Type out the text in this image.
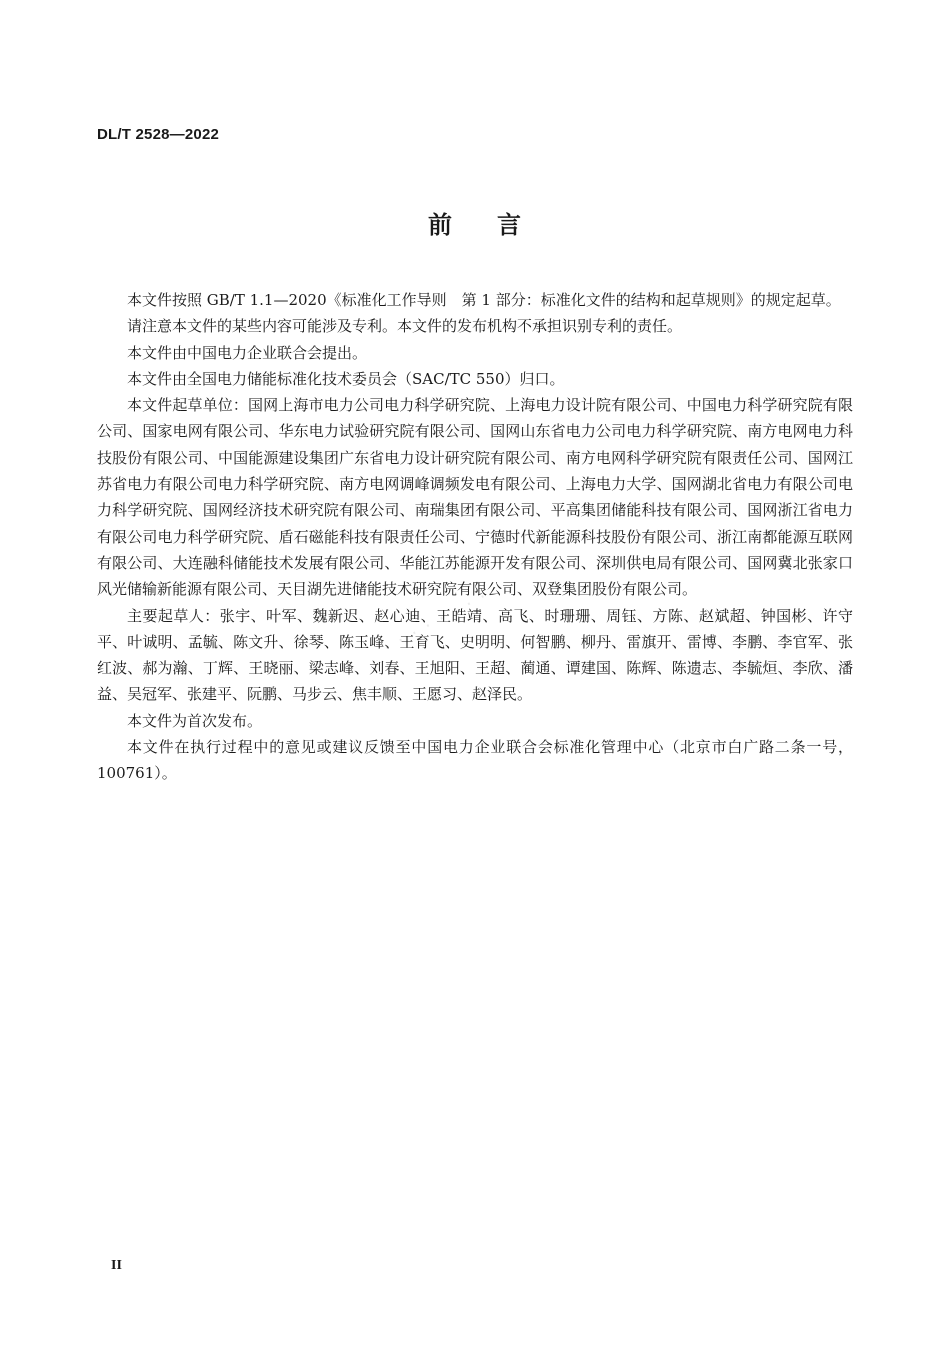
DL/T 2528—2022
前 言

本文件按照 GB/T 1.1—2020《标准化工作导则　第 1 部分：标准化文件的结构和起草规则》的规定起草。

请注意本文件的某些内容可能涉及专利。本文件的发布机构不承担识别专利的责任。

本文件由中国电力企业联合会提出。

本文件由全国电力储能标准化技术委员会（SAC/TC 550）归口。

本文件起草单位：国网上海市电力公司电力科学研究院、上海电力设计院有限公司、中国电力科学研究院有限公司、国家电网有限公司、华东电力试验研究院有限公司、国网山东省电力公司电力科学研究院、南方电网电力科技股份有限公司、中国能源建设集团广东省电力设计研究院有限公司、南方电网科学研究院有限责任公司、国网江苏省电力有限公司电力科学研究院、南方电网调峰调频发电有限公司、上海电力大学、国网湖北省电力有限公司电力科学研究院、国网经济技术研究院有限公司、南瑞集团有限公司、平高集团储能科技有限公司、国网浙江省电力有限公司电力科学研究院、盾石磁能科技有限责任公司、宁德时代新能源科技股份有限公司、浙江南都能源互联网有限公司、大连融科储能技术发展有限公司、华能江苏能源开发有限公司、深圳供电局有限公司、国网冀北张家口风光储输新能源有限公司、天目湖先进储能技术研究院有限公司、双登集团股份有限公司。

主要起草人：张宇、叶军、魏新迟、赵心迪、王皓靖、高飞、时珊珊、周钰、方陈、赵斌超、钟国彬、许守平、叶诚明、孟毓、陈文升、徐琴、陈玉峰、王育飞、史明明、何智鹏、柳丹、雷旗开、雷博、李鹏、李官军、张红波、郝为瀚、丁辉、王晓丽、梁志峰、刘春、王旭阳、王超、蔺通、谭建国、陈辉、陈遗志、李毓烜、李欣、潘益、吴冠军、张建平、阮鹏、马步云、焦丰顺、王愿习、赵泽民。

本文件为首次发布。

本文件在执行过程中的意见或建议反馈至中国电力企业联合会标准化管理中心（北京市白广路二条一号，100761）。

· · · · · · · ·
II
